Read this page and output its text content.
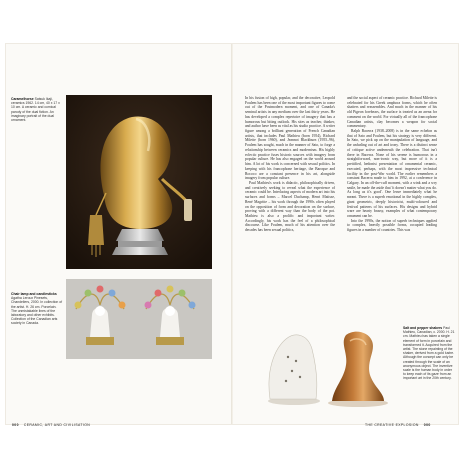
Caramelhorse Satsuk Ikaji, ceramics 1962. 14 cm, 40 x 17 x 10 cm. A ceramic and comical parody of the dual fiction. An imaginary portrait of the dual ornament.
Chair lamp and candlesticks Agatha Leroux Pinesets, Chandeliers, 2000. In collection of the artist. H. 26 cm. Porcelain. The unmistakable lines of the laboratory and other exhibits. Collection of the Canadian arts society in Canada.
000 CERAMIC, ART AND CIVILISATION

In his fusion of high, popular, and the decorative, Leopold Foulem has been one of the most important figures to come out of the Postmodern moment, and one of Canada's seminal artists in any medium over the last thirty years. He has developed a complex repertoire of imagery that has a humorous but biting outlook. His sites as teacher, thinker, and author have been as vital as his studio practice. A writer figure among a brilliant generation of French Canadian artists, that includes Paul Mathieu (born 1954), Richard Milette (born 1960), and Jeannot Blackburn (1955–96), Foulem has sought, much in the manner of Sato, to forge a relationship between ceramics and modernism. His highly eclectic practice fuses historic sources with imagery from popular culture. He has also engaged on the world around him. A lot of his work is concerned with sexual politics. In keeping with his francophone heritage, the Baroque and Rococo are a constant presence in his art, alongside imagery from popular culture.

Paul Mathieu's work is didactic, philosophically driven, and creatively seeking to reveal what the experience of ceramic could be. Interlacing aspects of modern art into his surfaces and forms – Marcel Duchamp, Henri Matisse, René Magritte – his work through the 1990s often played on the opposition of form and decoration on the surface, proving with a different way than the body of the pot. Mathieu is also a prolific and important writer. Accordingly, his work has the feel of a philosophical discourse. Like Foulem, much of his attention over the decades has been sexual politics,

and the social aspect of ceramic practice. Richard Milette is celebrated for his Greek amphora forms, which he often shatters and reassembles. And much in the manner of his old Pigeon forebears, the surface is treated as an arena for comment on the world. For virtually all of the francophone Canadian artists, clay becomes a weapon for social commentary.

Ralph Bacerra (1938–2008) is in the same echelon as that of Sato and Foulem, but his strategy is very different. In Sato, we pick up on the manipulation of language, and the unfurling out of art and irony. There is a distinct sense of critique active underneath the celebration. That isn't there in Bacerra. None of his serene is humorous in a straightforward, non-ironic way, but more of it is a prettified, hedonist presentation of ornamental ceramic, executed, perhaps, with the most impressive technical facility in the post-War world. The earlier remembers a constant Bacerra made to him in 1992, at a conference in Calgary. In an off-the-cuff moment, with a wink and a wry smile, he made the aside that 'it doesn't matter what you do. As long as it's good'. One leave immediately what he meant. There is a superb emotional in the highly complex, giant geometric, deeply historicist, multi-coloured and festival patterns of his surfaces. His designs and hybrid ware are hearty brassy, examples of what contemporary ornament can be.

Into the 1990s, the notion of superb techniques applied to complex, heavily possible forms, occupied leading figures in a number of countries. This was

Salt and pepper shakers Paul Mathieu, Canadian, c. 2000. H. 21 cm. Mathieu has taken a single element of form in porcelain and transformed it. Acquired from the artist. The stone repainting of the shaker, derived from a gold lustre. Although the concept can only be created through the scale of an anonymous object. The inventive scale is the human body in order to keep each of its gaze from an important art in the 20th century.
THE CREATIVE EXPLOSION 000
